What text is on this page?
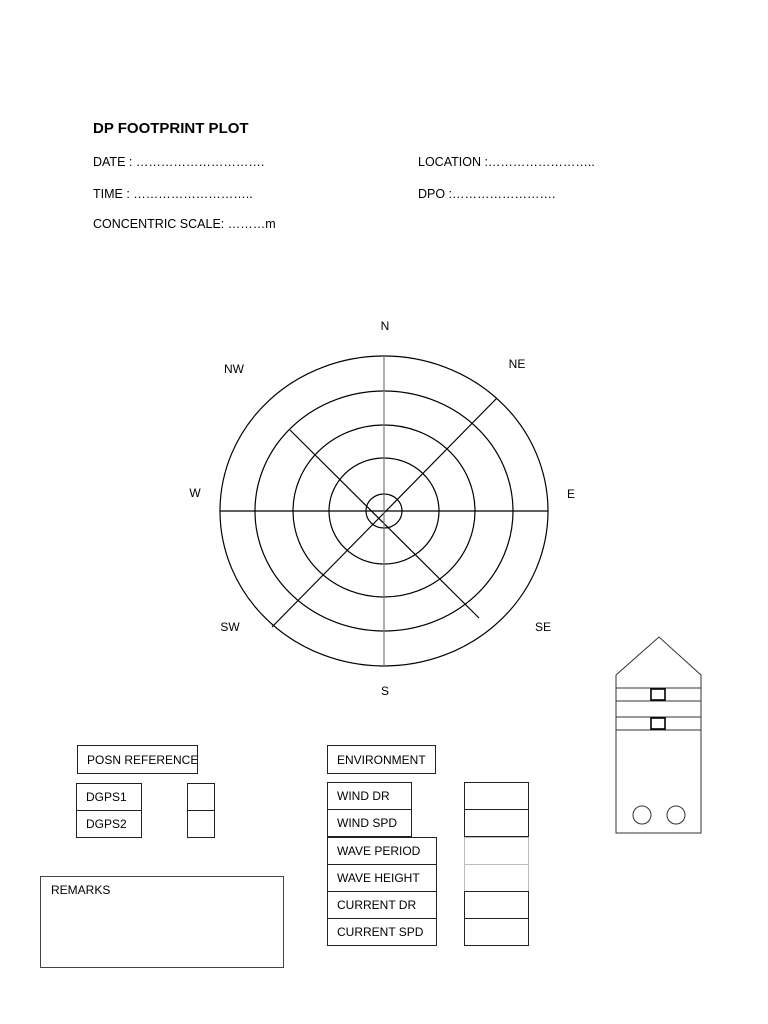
DP FOOTPRINT PLOT
DATE : ………………………….	LOCATION :……………………..
TIME : ………………………..	DPO :…………………….
CONCENTRIC SCALE: ………m
N
NE
E
SE
S
SW
W
NW
POSN REFERENCE
DGPS1
DGPS2
ENVIRONMENT
WIND DR
WIND SPD
WAVE PERIOD
WAVE HEIGHT
CURRENT DR
CURRENT SPD
REMARKS
